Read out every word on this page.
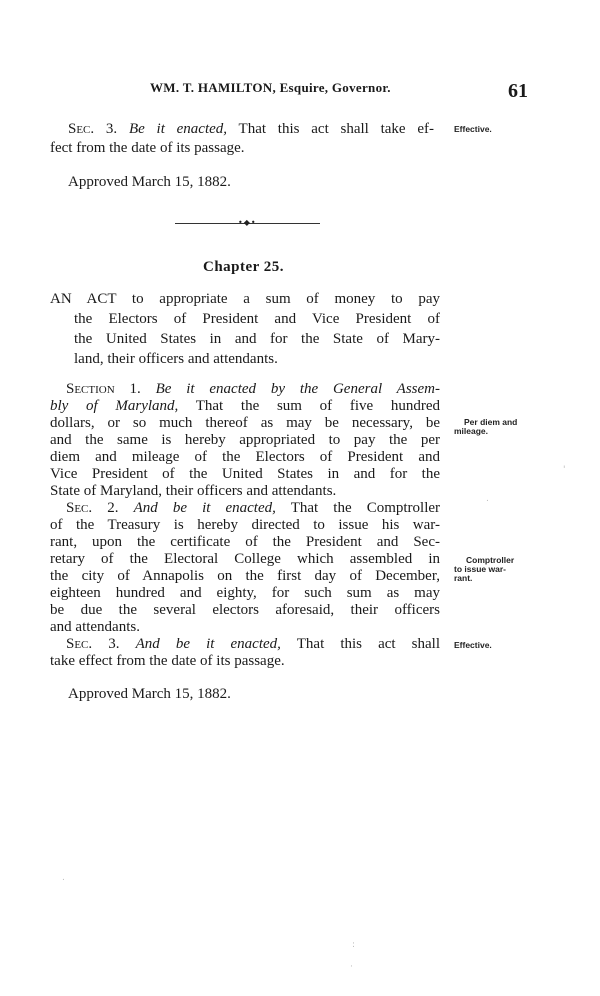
WM. T. HAMILTON, Esquire, Governor.	61
Sec. 3. Be it enacted, That this act shall take ef-
fect from the date of its passage.
Approved March 15, 1882.
Effective.
•◆•
Chapter 25.
AN ACT to appropriate a sum of money to pay
the Electors of President and Vice President of
the United States in and for the State of Mary-
land, their officers and attendants.
Section 1. Be it enacted by the General Assem-
bly of Maryland, That the sum of five hundred
dollars, or so much thereof as may be necessary, be
and the same is hereby appropriated to pay the per
diem and mileage of the Electors of President and
Vice President of the United States in and for the
State of Maryland, their officers and attendants.
Per diem and
mileage.
Sec. 2. And be it enacted, That the Comptroller
of the Treasury is hereby directed to issue his war-
rant, upon the certificate of the President and Sec-
retary of the Electoral College which assembled in
the city of Annapolis on the first day of December,
eighteen hundred and eighty, for such sum as may
be due the several electors aforesaid, their officers
and attendants.
Comptroller
to issue war-
rant.
Sec. 3. And be it enacted, That this act shall
take effect from the date of its passage.
Approved March 15, 1882.
Effective.
'
.
.
:
·
